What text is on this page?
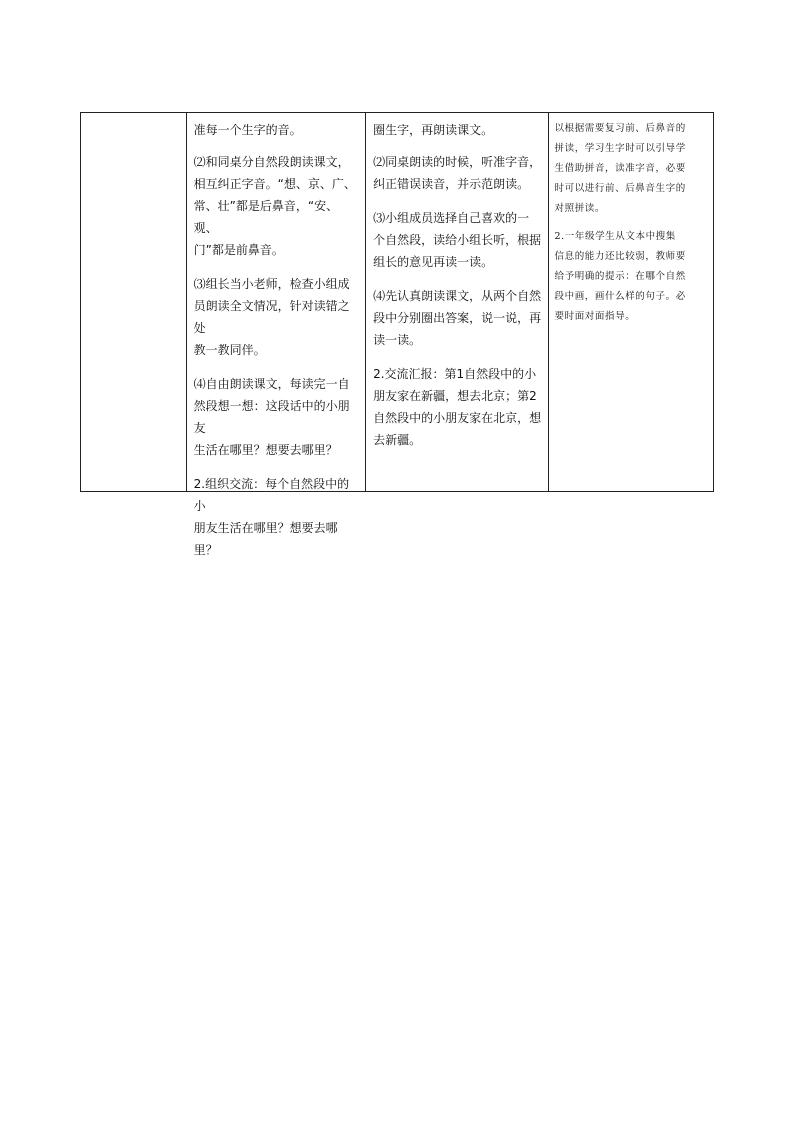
准每一个生字的音。

⑵和同桌分自然段朗读课文，
相互纠正字音。“想、京、广、
常、壮”都是后鼻音，“安、观、
门”都是前鼻音。

⑶组长当小老师，检查小组成
员朗读全文情况，针对读错之处
教一教同伴。

⑷自由朗读课文，每读完一自
然段想一想：这段话中的小朋友
生活在哪里？想要去哪里？

2.组织交流：每个自然段中的小
朋友生活在哪里？想要去哪里？

圈生字，再朗读课文。

⑵同桌朗读的时候，听准字音，
纠正错误读音，并示范朗读。

⑶小组成员选择自己喜欢的一
个自然段，读给小组长听，根据
组长的意见再读一读。

⑷先认真朗读课文，从两个自然
段中分别圈出答案，说一说，再
读一读。

2.交流汇报：第1自然段中的小
朋友家在新疆，想去北京；第2
自然段中的小朋友家在北京，想
去新疆。

以根据需要复习前、后鼻音的
拼读，学习生字时可以引导学
生借助拼音，读准字音，必要
时可以进行前、后鼻音生字的
对照拼读。

2.一年级学生从文本中搜集
信息的能力还比较弱，教师要
给予明确的提示：在哪个自然
段中画，画什么样的句子。必
要时面对面指导。
